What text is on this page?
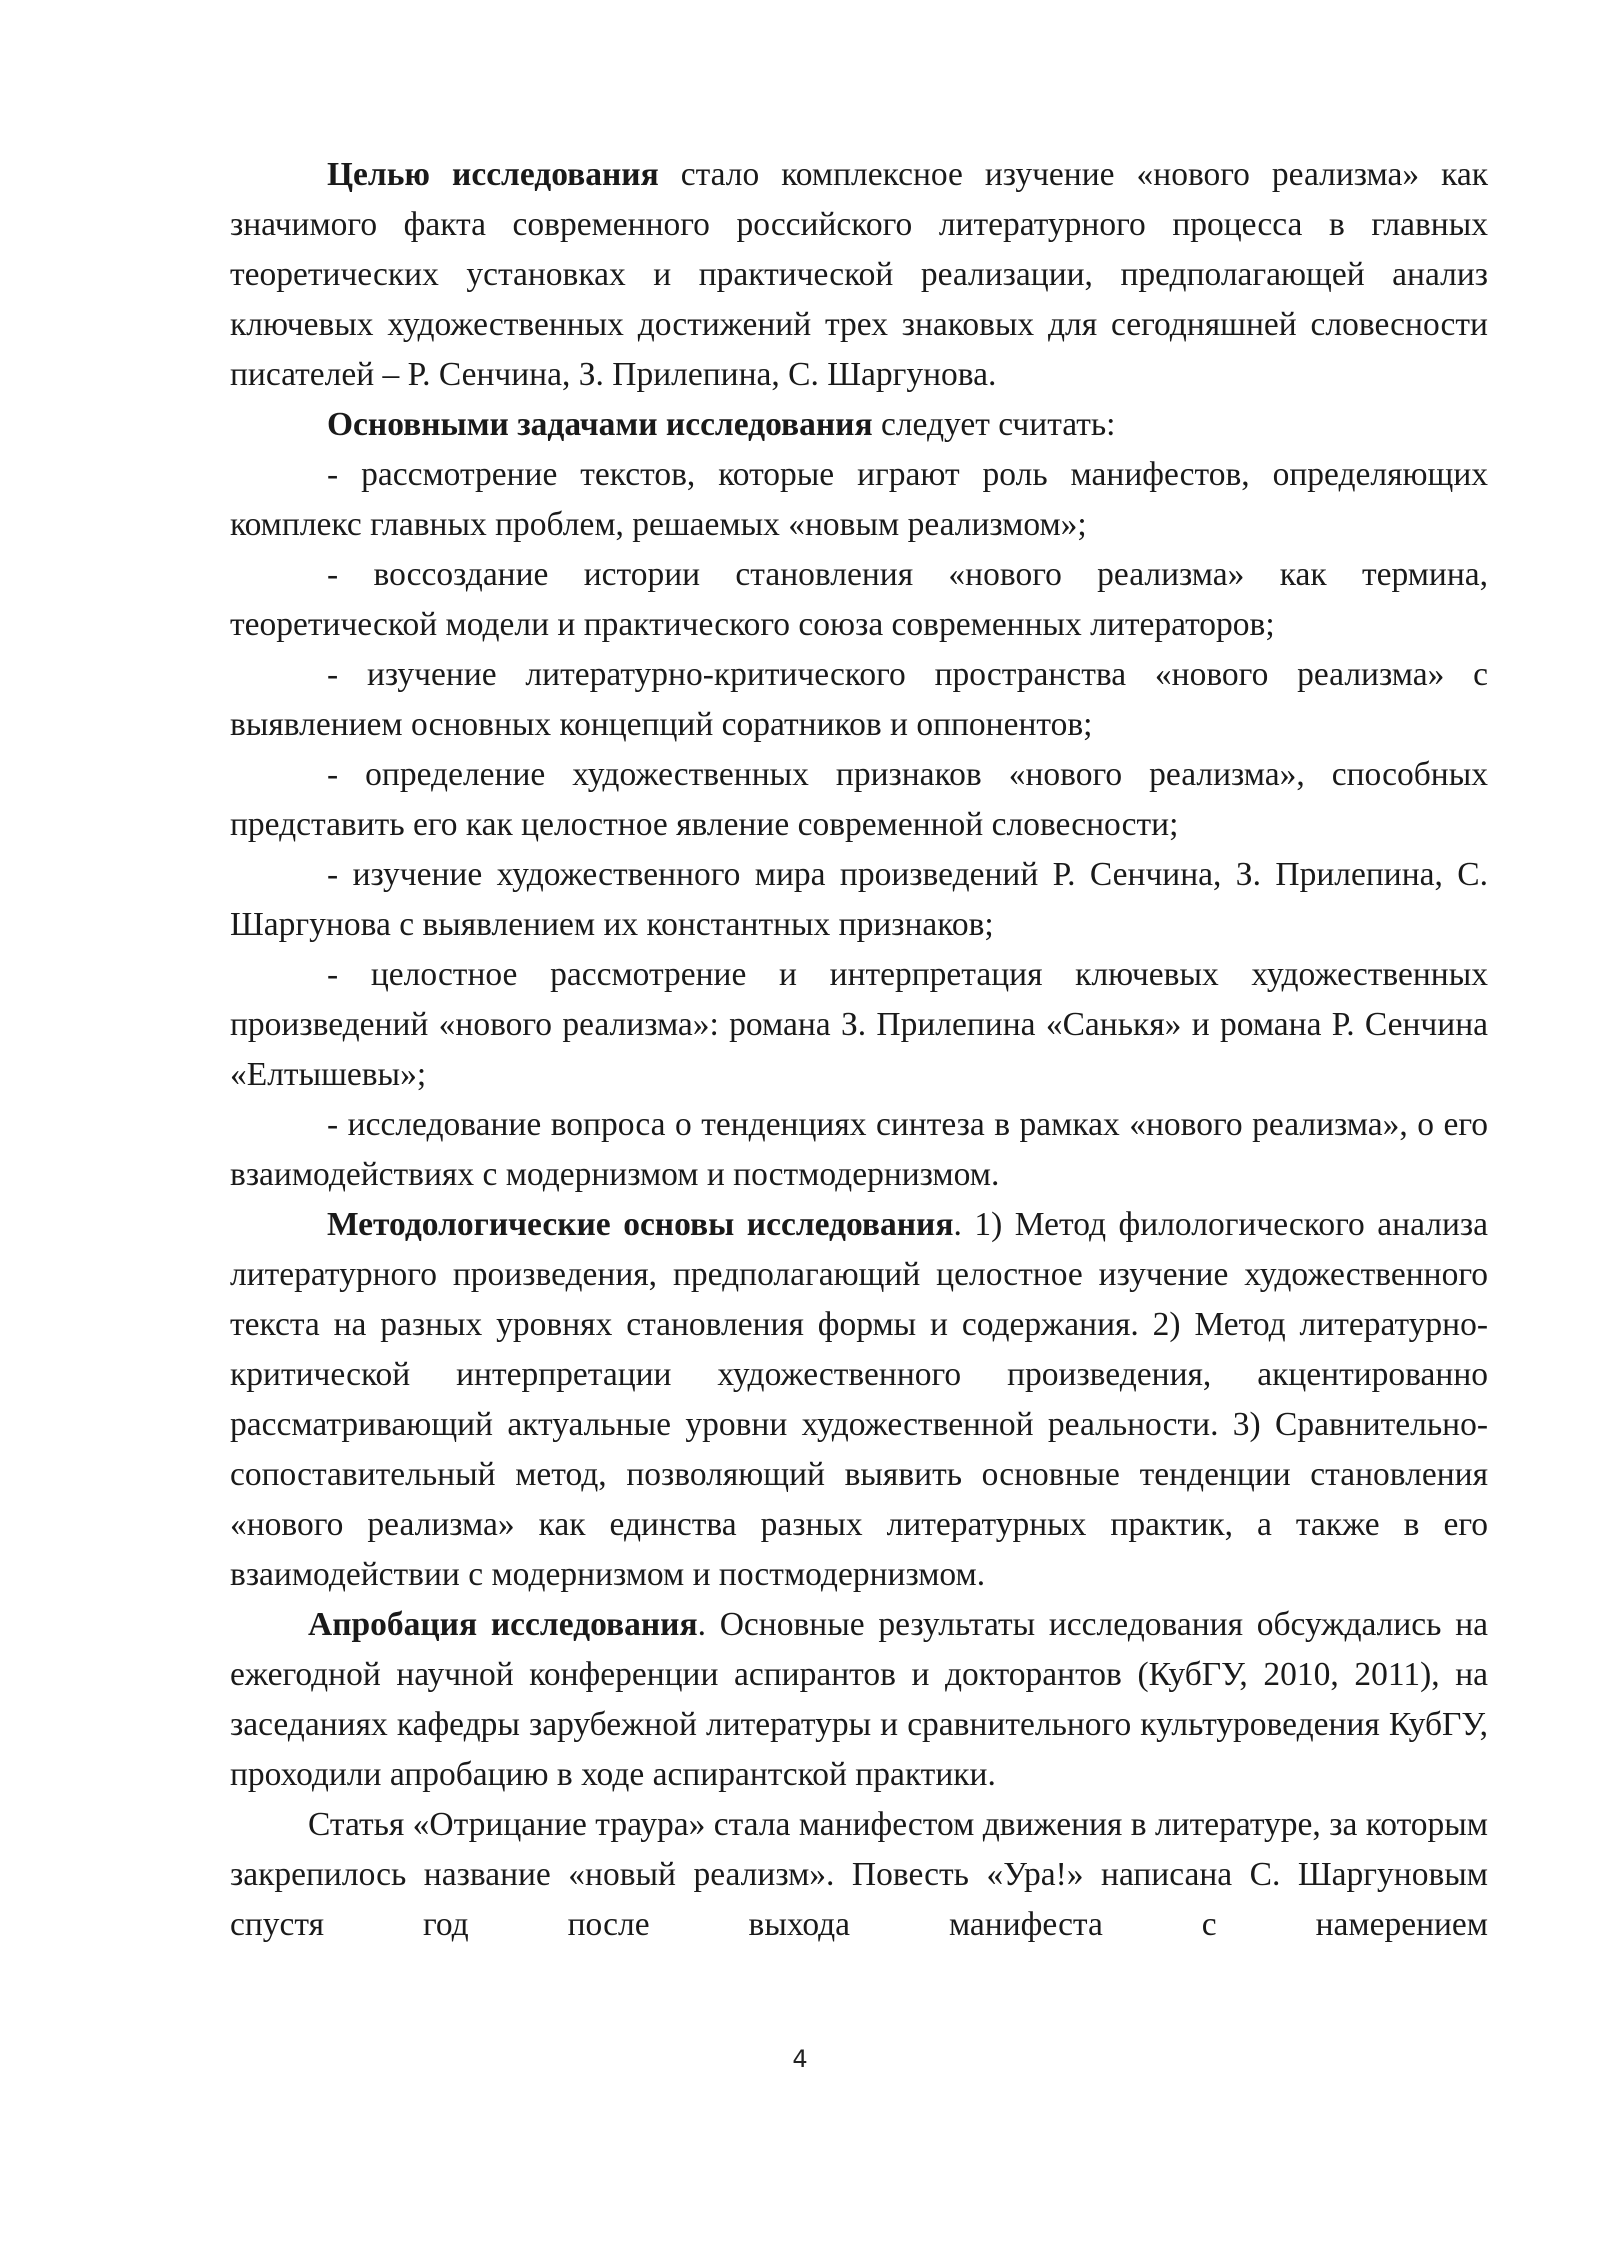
Целью исследования стало комплексное изучение «нового реализма» как значимого факта современного российского литературного процесса в главных теоретических установках и практической реализации, предполагающей анализ ключевых художественных достижений трех знаковых для сегодняшней словесности писателей – Р. Сенчина, З. Прилепина, С. Шаргунова.

Основными задачами исследования следует считать:

- рассмотрение текстов, которые играют роль манифестов, определяющих комплекс главных проблем, решаемых «новым реализмом»;

- воссоздание истории становления «нового реализма» как термина, теоретической модели и практического союза современных литераторов;

- изучение литературно-критического пространства «нового реализма» с выявлением основных концепций соратников и оппонентов;

- определение художественных признаков «нового реализма», способных представить его как целостное явление современной словесности;

- изучение художественного мира произведений Р. Сенчина, З. Прилепина, С. Шаргунова с выявлением их константных признаков;

- целостное рассмотрение и интерпретация ключевых художественных произведений «нового реализма»: романа З. Прилепина «Санькя» и романа Р. Сенчина «Елтышевы»;

- исследование вопроса о тенденциях синтеза в рамках «нового реализма», о его взаимодействиях с модернизмом и постмодернизмом.

Методологические основы исследования. 1) Метод филологического анализа литературного произведения, предполагающий целостное изучение художественного текста на разных уровнях становления формы и содержания. 2) Метод литературно-критической интерпретации художественного произведения, акцентированно рассматривающий актуальные уровни художественной реальности. 3) Сравнительно-сопоставительный метод, позволяющий выявить основные тенденции становления «нового реализма» как единства разных литературных практик, а также в его взаимодействии с модернизмом и постмодернизмом.

Апробация исследования. Основные результаты исследования обсуждались на ежегодной научной конференции аспирантов и докторантов (КубГУ, 2010, 2011), на заседаниях кафедры зарубежной литературы и сравнительного культуроведения КубГУ, проходили апробацию в ходе аспирантской практики.

Статья «Отрицание траура» стала манифестом движения в литературе, за которым закрепилось название «новый реализм». Повесть «Ура!» написана С. Шаргуновым спустя год после выхода манифеста с намерением

4
